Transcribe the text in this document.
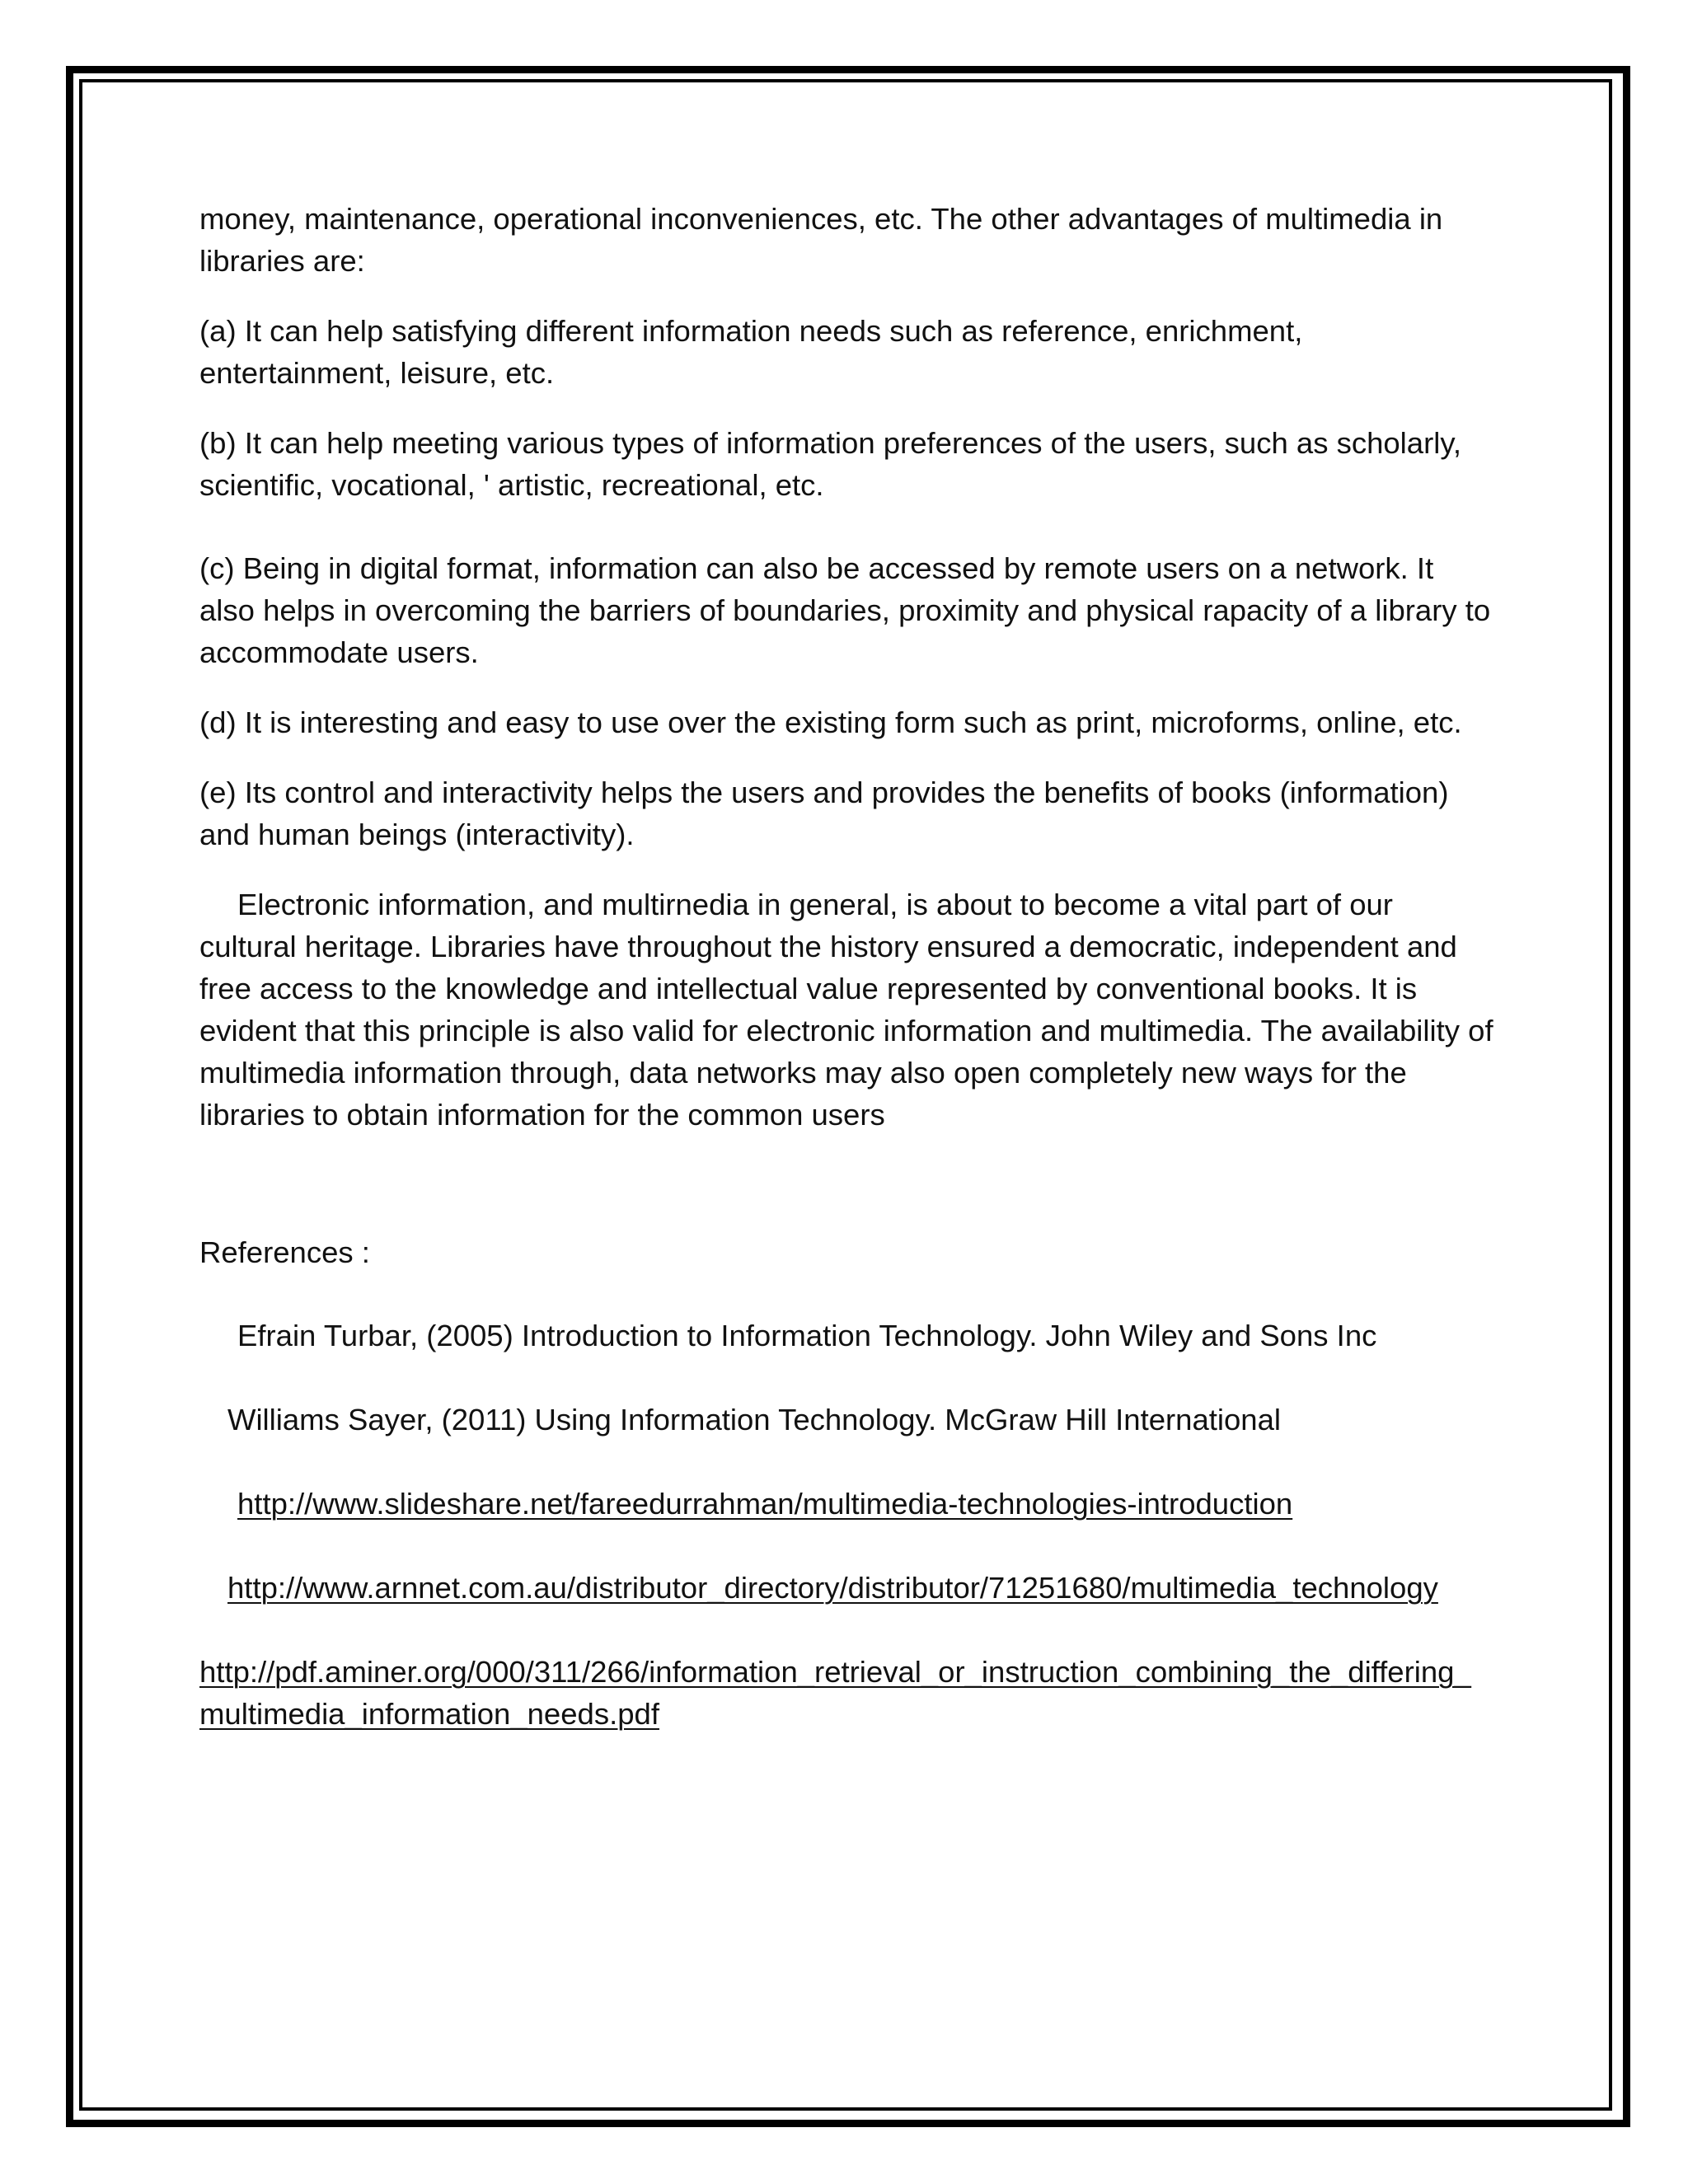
money, maintenance, operational inconveniences, etc. The other advantages of multimedia in libraries are:

(a) It can help satisfying different information needs such as reference, enrichment, entertainment, leisure, etc.

(b) It can help meeting various types of information preferences of the users, such as scholarly, scientific, vocational, ' artistic, recreational, etc.

(c) Being in digital format, information can also be accessed by remote users on a network. It also helps in overcoming the barriers of boundaries, proximity and physical rapacity of a library to accommodate users.

(d) It is interesting and easy to use over the existing form such as print, microforms, online, etc.

(e) Its control and interactivity helps the users and provides the benefits of books (information) and human beings (interactivity).

Electronic information, and multirnedia in general, is about to become a vital part of our cultural heritage. Libraries have throughout the history ensured a democratic, independent and free access to the knowledge and intellectual value represented by conventional books. It is evident that this principle is also valid for electronic information and multimedia. The availability of multimedia information through, data networks may also open completely new ways for the libraries to obtain information for the common users

References :

Efrain Turbar, (2005) Introduction to Information Technology. John Wiley and Sons Inc

Williams Sayer, (2011) Using Information Technology. McGraw Hill International

http://www.slideshare.net/fareedurrahman/multimedia-technologies-introduction

http://www.arnnet.com.au/distributor_directory/distributor/71251680/multimedia_technology

http://pdf.aminer.org/000/311/266/information_retrieval_or_instruction_combining_the_differing_multimedia_information_needs.pdf
